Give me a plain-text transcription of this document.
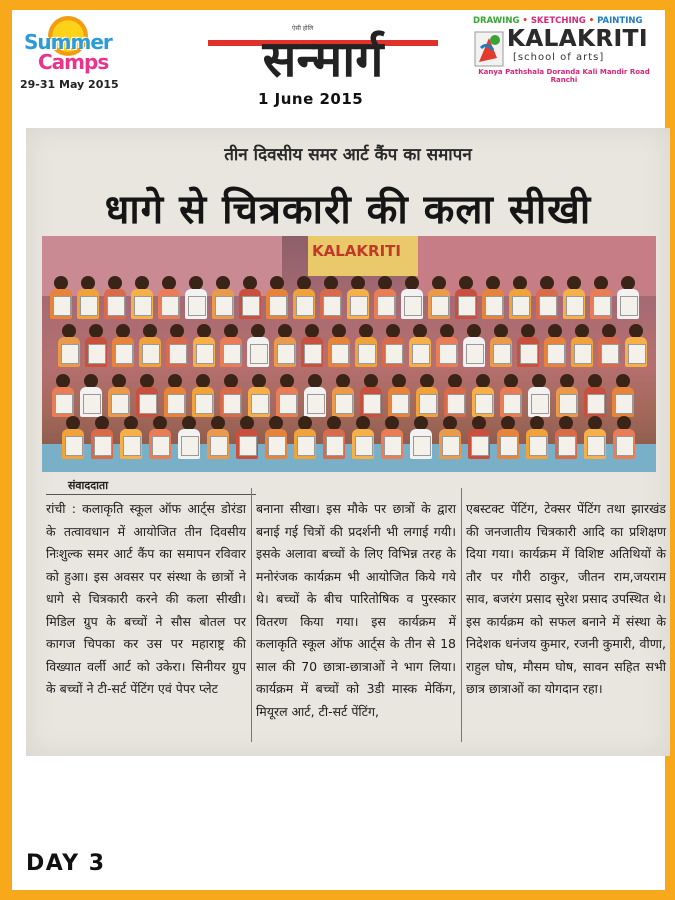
Summer
Camps
29-31 May 2015	सन्मार्ग
ऐसी होलि
1 June 2015
DRAWING • SKETCHING • PAINTING
KALAKRITI
[school of arts]
Kanya Pathshala Doranda Kali Mandir Road Ranchi
तीन दिवसीय समर आर्ट कैंप का समापन
धागे से चित्रकारी की कला सीखी
KALAKRITI
संवाददाता
रांची : कलाकृति स्कूल ऑफ आर्ट्स डोरंडा के तत्वावधान में आयोजित तीन दिवसीय निःशुल्क समर आर्ट कैंप का समापन रविवार को हुआ। इस अवसर पर संस्था के छात्रों ने धागे से चित्रकारी करने की कला सीखी। मिडिल ग्रुप के बच्चों ने सौस बोतल पर कागज चिपका कर उस पर महाराष्ट्र की विख्यात वर्ली आर्ट को उकेरा। सिनीयर ग्रुप के बच्चों ने टी-सर्ट पेंटिंग एवं पेपर प्लेट
बनाना सीखा। इस मौके पर छात्रों के द्वारा बनाई गई चित्रों की प्रदर्शनी भी लगाई गयी। इसके अलावा बच्चों के लिए विभिन्न तरह के मनोरंजक कार्यक्रम भी आयोजित किये गये थे। बच्चों के बीच पारितोषिक व पुरस्कार वितरण किया गया। इस कार्यक्रम में कलाकृति स्कूल ऑफ आर्ट्स के तीन से 18 साल की 70 छात्रा-छात्राओं ने भाग लिया। कार्यक्रम में बच्चों को 3डी मास्क मेकिंग, मियूरल आर्ट, टी-सर्ट पेंटिंग,
एबस्टक्ट पेंटिंग, टेक्सर पेंटिंग तथा झारखंड की जनजातीय चित्रकारी आदि का प्रशिक्षण दिया गया। कार्यक्रम में विशिष्ट अतिथियों के तौर पर गौरी ठाकुर, जीतन राम,जयराम साव, बजरंग प्रसाद सुरेश प्रसाद उपस्थित थे। इस कार्यक्रम को सफल बनाने में संस्था के निदेशक धनंजय कुमार, रजनी कुमारी, वीणा, राहुल घोष, मौसम घोष, सावन सहित सभी छात्र छात्राओं का योगदान रहा।
DAY 3
